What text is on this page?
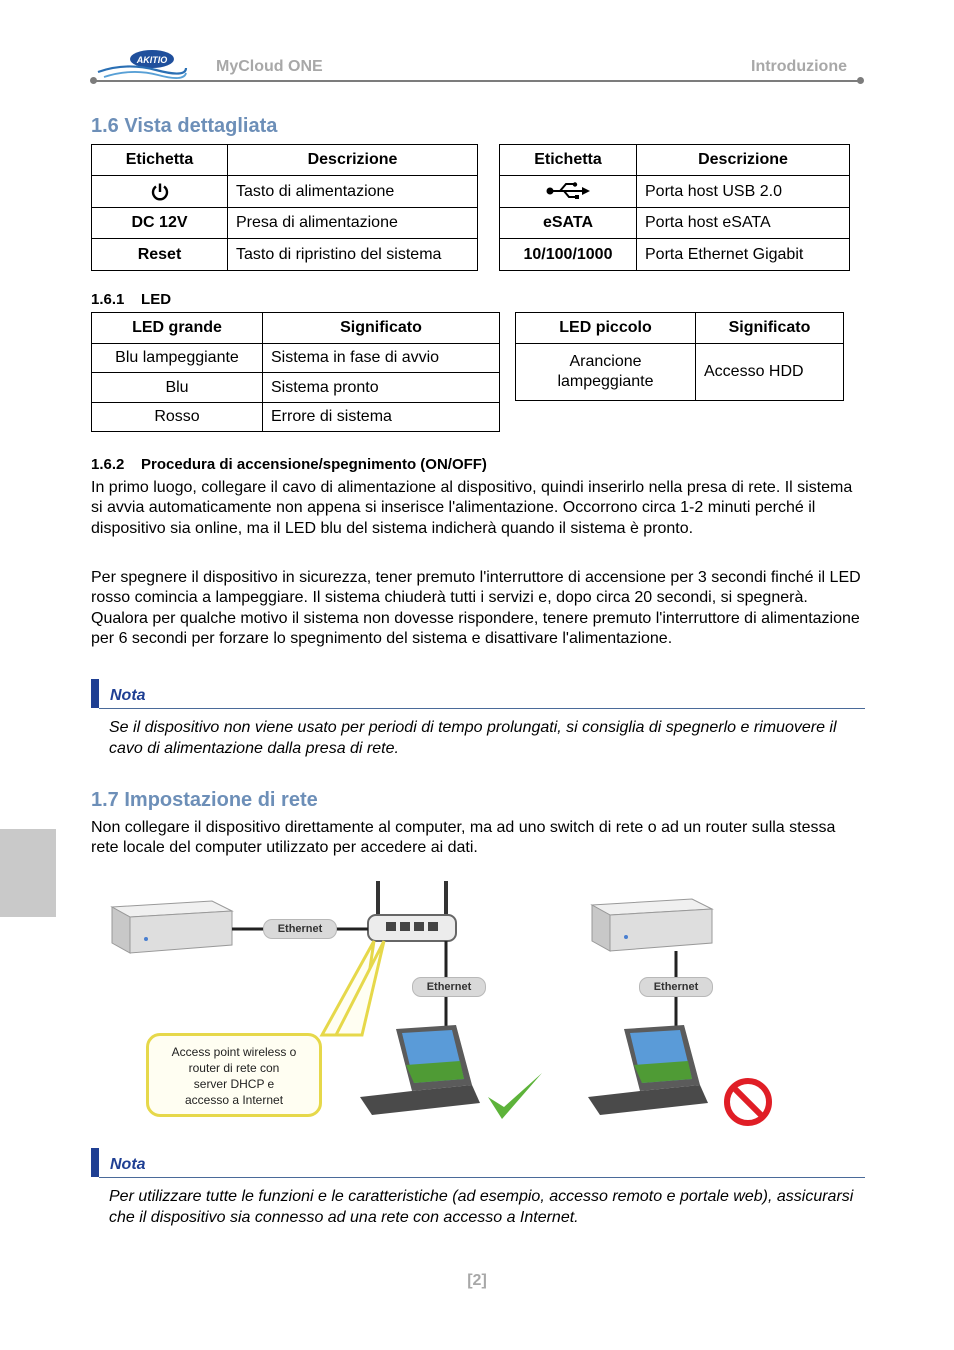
AKITIO	MyCloud ONE	Introduzione
1.6 Vista dettagliata
Etichetta	Descrizione
	Tasto di alimentazione
DC 12V	Presa di alimentazione
Reset	Tasto di ripristino del sistema
Etichetta	Descrizione
	Porta host USB 2.0
eSATA	Porta host eSATA
10/100/1000	Porta Ethernet Gigabit
1.6.1    LED
LED grande	Significato
Blu lampeggiante	Sistema in fase di avvio
Blu	Sistema pronto
Rosso	Errore di sistema
LED piccolo	Significato
Arancione
lampeggiante	Accesso HDD
1.6.2    Procedura di accensione/spegnimento (ON/OFF)

In primo luogo, collegare il cavo di alimentazione al dispositivo, quindi inserirlo nella presa di rete. Il sistema si avvia automaticamente non appena si inserisce l'alimentazione. Occorrono circa 1-2 minuti perché il dispositivo sia online, ma il LED blu del sistema indicherà quando il sistema è pronto.

Per spegnere il dispositivo in sicurezza, tener premuto l'interruttore di accensione per 3 secondi finché il LED rosso comincia a lampeggiare. Il sistema chiuderà tutti i servizi e, dopo circa 20 secondi, si spegnerà. Qualora per qualche motivo il sistema non dovesse rispondere, tenere premuto l'interruttore di alimentazione per 6 secondi per forzare lo spegnimento del sistema e disattivare l'alimentazione.

Nota

Se il dispositivo non viene usato per periodi di tempo prolungati, si consiglia di spegnerlo e rimuovere il cavo di alimentazione dalla presa di rete.

1.7 Impostazione di rete

Non collegare il dispositivo direttamente al computer, ma ad uno switch di rete o ad un router sulla stessa rete locale del computer utilizzato per accedere ai dati.

Ethernet
Ethernet	Ethernet
Access point wireless o
router di rete con
server DHCP e
accesso a Internet
Nota

Per utilizzare tutte le funzioni e le caratteristiche (ad esempio, accesso remoto e portale web), assicurarsi che il dispositivo sia connesso ad una rete con accesso a Internet.

[2]
